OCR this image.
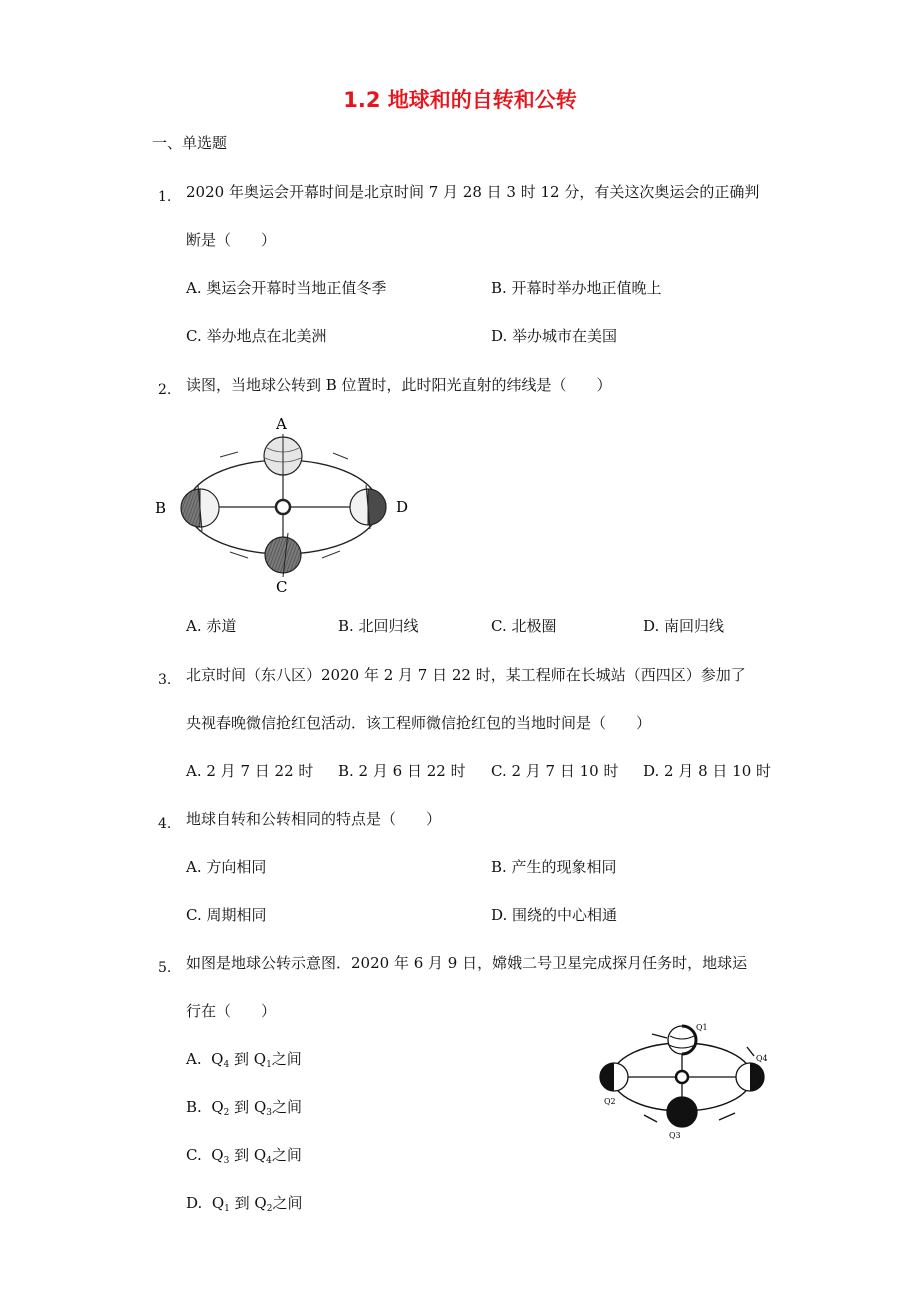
1.2 地球和的自转和公转
一、单选题
1. 2020 年奥运会开幕时间是北京时间 7 月 28 日 3 时 12 分，有关这次奥运会的正确判
断是（　　）
A. 奥运会开幕时当地正值冬季	B. 开幕时举办地正值晚上
C. 举办地点在北美洲	D. 举办城市在美国
2. 读图，当地球公转到 B 位置时，此时阳光直射的纬线是（　　）
A
B
C
D
A. 赤道	B. 北回归线	C. 北极圈	D. 南回归线
3. 北京时间（东八区）2020 年 2 月 7 日 22 时，某工程师在长城站（西四区）参加了
央视春晚微信抢红包活动．该工程师微信抢红包的当地时间是（　　）
A. 2 月 7 日 22 时 B. 2 月 6 日 22 时 C. 2 月 7 日 10 时 D. 2 月 8 日 10 时
4. 地球自转和公转相同的特点是（　　）
A. 方向相同	B. 产生的现象相同
C. 周期相同	D. 围绕的中心相通
5. 如图是地球公转示意图．2020 年 6 月 9 日，嫦娥二号卫星完成探月任务时，地球运
行在（　　）
A. $Q_4$ 到 $Q_1$之间
B. $Q_2$ 到 $Q_3$之间
C. $Q_3$ 到 $Q_4$之间
D. $Q_1$ 到 $Q_2$之间
Q1
Q2
Q3
Q4
